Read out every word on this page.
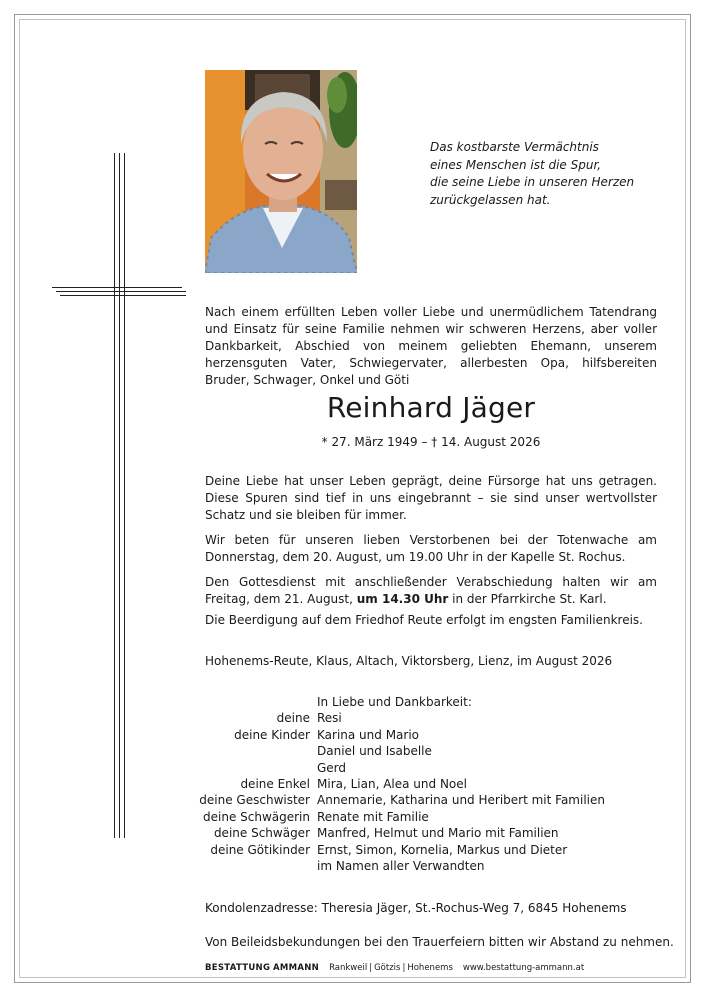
Das kostbarste Vermächtnis
eines Menschen ist die Spur,
die seine Liebe in unseren Herzen
zurückgelassen hat.
Nach einem erfüllten Leben voller Liebe und unermüdlichem Tatendrang und Einsatz für seine Familie nehmen wir schweren Herzens, aber voller Dankbarkeit, Abschied von meinem geliebten Ehemann, unserem herzensguten Vater, Schwiegervater, allerbesten Opa, hilfsbereiten Bruder, Schwager, Onkel und Göti
Reinhard Jäger
* 27. März 1949 – † 14. August 2026
Deine Liebe hat unser Leben geprägt, deine Fürsorge hat uns getragen. Diese Spuren sind tief in uns eingebrannt – sie sind unser wertvollster Schatz und sie bleiben für immer.
Wir beten für unseren lieben Verstorbenen bei der Totenwache am Donnerstag, dem 20. August, um 19.00 Uhr in der Kapelle St. Rochus.
Den Gottesdienst mit anschließender Verabschiedung halten wir am Freitag, dem 21. August, um 14.30 Uhr in der Pfarrkirche St. Karl.
Die Beerdigung auf dem Friedhof Reute erfolgt im engsten Familienkreis.
Hohenems-Reute, Klaus, Altach, Viktorsberg, Lienz, im August 2026
In Liebe und Dankbarkeit:
deine Resi
deine Kinder Karina und Mario
Daniel und Isabelle
Gerd
deine Enkel Mira, Lian, Alea und Noel
deine Geschwister Annemarie, Katharina und Heribert mit Familien
deine Schwägerin Renate mit Familie
deine Schwäger Manfred, Helmut und Mario mit Familien
deine Götikinder Ernst, Simon, Kornelia, Markus und Dieter
im Namen aller Verwandten
Kondolenzadresse: Theresia Jäger, St.-Rochus-Weg 7, 6845 Hohenems
Von Beileidsbekundungen bei den Trauerfeiern bitten wir Abstand zu nehmen.
BESTATTUNG AMMANN Rankweil | Götzis | Hohenems www.bestattung-ammann.at
